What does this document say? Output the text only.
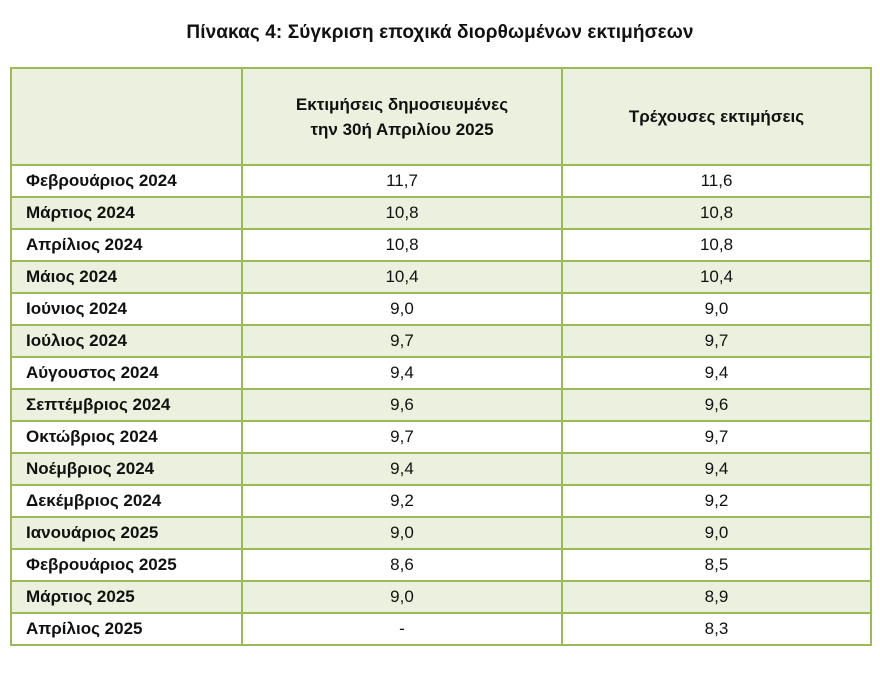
Πίνακας 4: Σύγκριση εποχικά διορθωμένων εκτιμήσεων

	Εκτιμήσεις δημοσιευμένες
την 30ή Απριλίου 2025	Τρέχουσες εκτιμήσεις
Φεβρουάριος 2024	11,7	11,6
Μάρτιος 2024	10,8	10,8
Απρίλιος 2024	10,8	10,8
Μάιος 2024	10,4	10,4
Ιούνιος 2024	9,0	9,0
Ιούλιος 2024	9,7	9,7
Αύγουστος 2024	9,4	9,4
Σεπτέμβριος 2024	9,6	9,6
Οκτώβριος 2024	9,7	9,7
Νοέμβριος 2024	9,4	9,4
Δεκέμβριος 2024	9,2	9,2
Ιανουάριος 2025	9,0	9,0
Φεβρουάριος 2025	8,6	8,5
Μάρτιος 2025	9,0	8,9
Απρίλιος 2025	-	8,3
